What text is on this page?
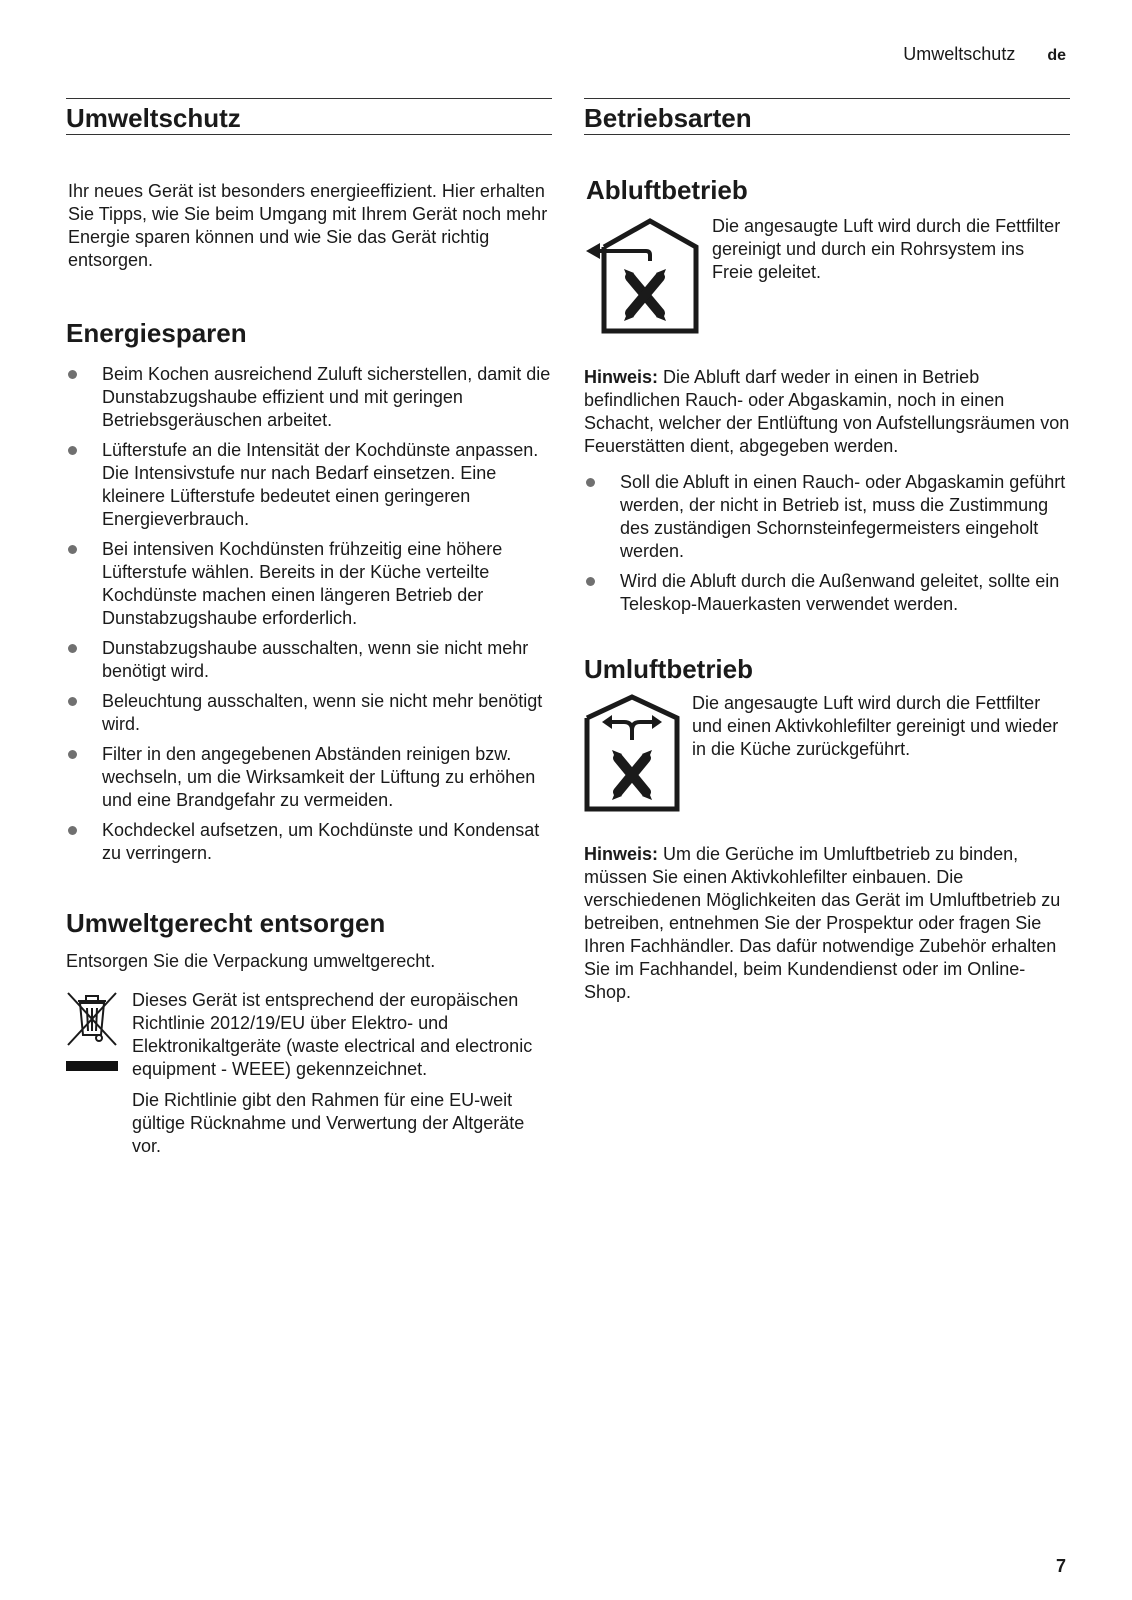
Umweltschutz de
Umweltschutz

Ihr neues Gerät ist besonders energieeffizient. Hier erhalten Sie Tipps, wie Sie beim Umgang mit Ihrem Gerät noch mehr Energie sparen können und wie Sie das Gerät richtig entsorgen.

Energiesparen
Beim Kochen ausreichend Zuluft sicherstellen, damit die Dunstabzugshaube effizient und mit geringen Betriebsgeräuschen arbeitet.
Lüfterstufe an die Intensität der Kochdünste anpassen. Die Intensivstufe nur nach Bedarf einsetzen. Eine kleinere Lüfterstufe bedeutet einen geringeren Energieverbrauch.
Bei intensiven Kochdünsten frühzeitig eine höhere Lüfterstufe wählen. Bereits in der Küche verteilte Kochdünste machen einen längeren Betrieb der Dunstabzugshaube erforderlich.
Dunstabzugshaube ausschalten, wenn sie nicht mehr benötigt wird.
Beleuchtung ausschalten, wenn sie nicht mehr benötigt wird.
Filter in den angegebenen Abständen reinigen bzw. wechseln, um die Wirksamkeit der Lüftung zu erhöhen und eine Brandgefahr zu vermeiden.
Kochdeckel aufsetzen, um Kochdünste und Kondensat zu verringern.
Umweltgerecht entsorgen

Entsorgen Sie die Verpackung umweltgerecht.

Dieses Gerät ist entsprechend der europäischen Richtlinie 2012/19/EU über Elektro- und Elektronikaltgeräte (waste electrical and electronic equipment - WEEE) gekennzeichnet.

Die Richtlinie gibt den Rahmen für eine EU-weit gültige Rücknahme und Verwertung der Altgeräte vor.

Betriebsarten
Abluftbetrieb

Die angesaugte Luft wird durch die Fettfilter gereinigt und durch ein Rohrsystem ins Freie geleitet.

Hinweis: Die Abluft darf weder in einen in Betrieb befindlichen Rauch- oder Abgaskamin, noch in einen Schacht, welcher der Entlüftung von Aufstellungsräumen von Feuerstätten dient, abgegeben werden.

Soll die Abluft in einen Rauch- oder Abgaskamin geführt werden, der nicht in Betrieb ist, muss die Zustimmung des zuständigen Schornsteinfegermeisters eingeholt werden.
Wird die Abluft durch die Außenwand geleitet, sollte ein Teleskop-Mauerkasten verwendet werden.
Umluftbetrieb

Die angesaugte Luft wird durch die Fettfilter und einen Aktivkohlefilter gereinigt und wieder in die Küche zurückgeführt.

Hinweis: Um die Gerüche im Umluftbetrieb zu binden, müssen Sie einen Aktivkohlefilter einbauen. Die verschiedenen Möglichkeiten das Gerät im Umluftbetrieb zu betreiben, entnehmen Sie der Prospektur oder fragen Sie Ihren Fachhändler. Das dafür notwendige Zubehör erhalten Sie im Fachhandel, beim Kundendienst oder im Online-Shop.

7
